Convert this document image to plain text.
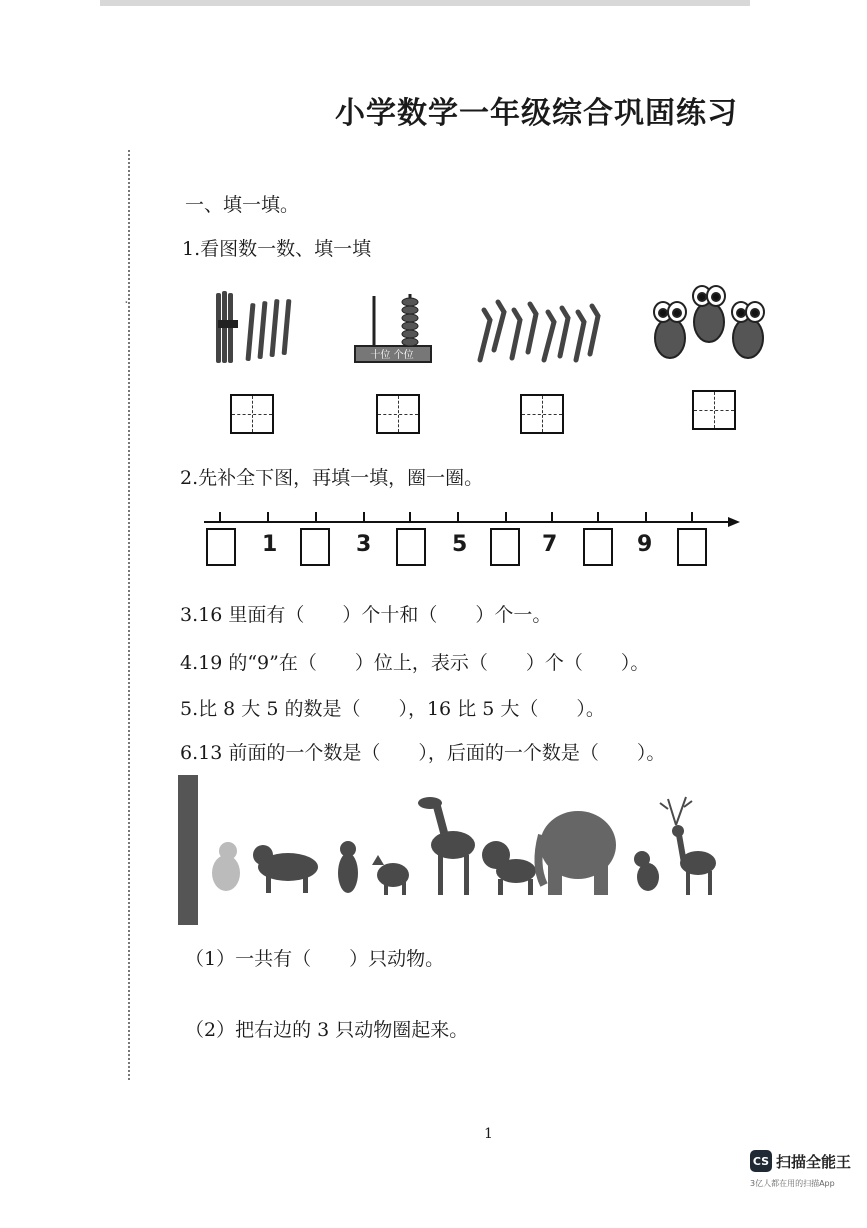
·
小学数学一年级综合巩固练习
一、填一填。
1.看图数一数、填一填
十位 个位
2.先补全下图，再填一填，圈一圈。
1	3	5	7	9
3.16 里面有（　　）个十和（　　）个一。
4.19 的“9”在（　　）位上，表示（　　）个（　　）。
5.比 8 大 5 的数是（　　），16 比 5 大（　　）。
6.13 前面的一个数是（　　），后面的一个数是（　　）。
（1）一共有（　　）只动物。
（2）把右边的 3 只动物圈起来。
1
CS 扫描全能王
3亿人都在用的扫描App
